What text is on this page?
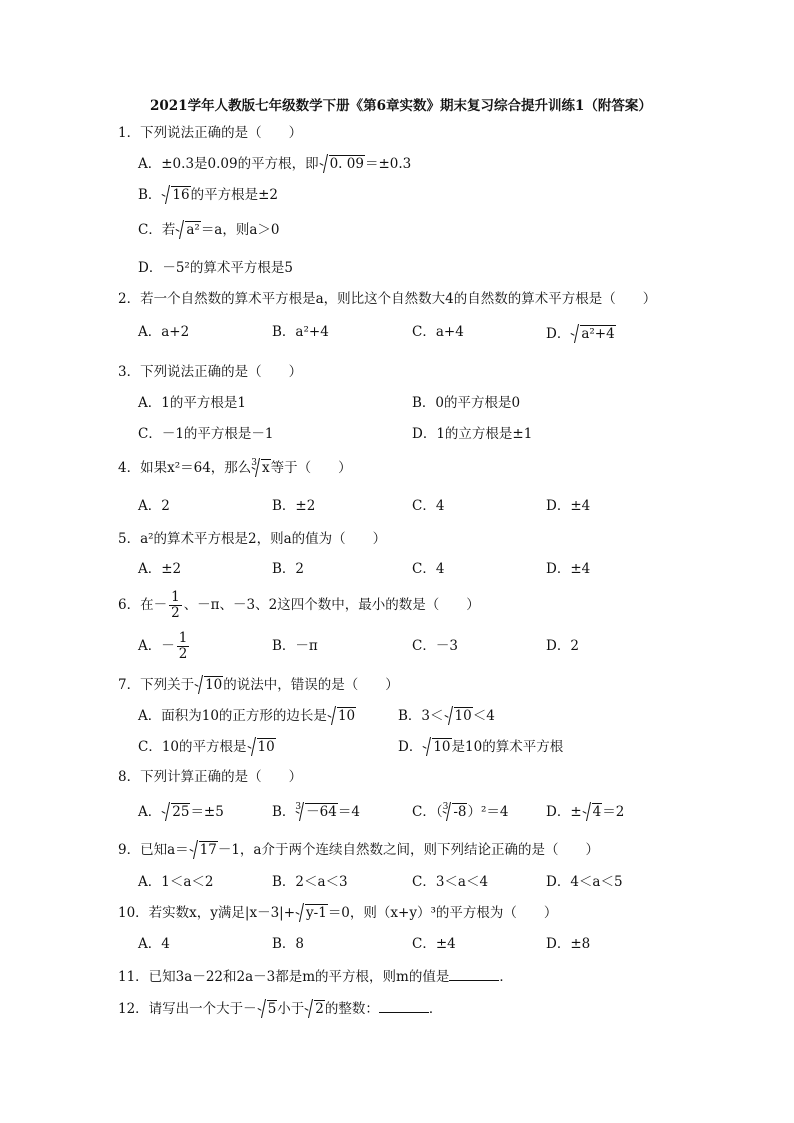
2021学年人教版七年级数学下册《第6章实数》期末复习综合提升训练1（附答案）
1．下列说法正确的是（　　）
A．±0.3是0.09的平方根，即 0. 09＝±0.3
B． 16的平方根是±2
C．若 a²＝a，则a＞0
D．－5²的算术平方根是5
2．若一个自然数的算术平方根是a，则比这个自然数大4的自然数的算术平方根是（　　）
A．a+2	B．a²+4	C．a+4	D． a²+4
3．下列说法正确的是（　　）
A．1的平方根是1	B．0的平方根是0
C．－1的平方根是－1	D．1的立方根是±1
4．如果x²＝64，那么$^3$ x等于（　　）
A．2	B．±2	C．4	D．±4
5．a²的算术平方根是2，则a的值为（　　）
A．±2	B．2	C．4	D．±4
6．在－ $\frac{1}{2}$ 、－π、－3、2这四个数中，最小的数是（　　）
A．－ $\frac{1}{2}$	B．－π	C．－3	D．2
7．下列关于 10的说法中，错误的是（　　）
A．面积为10的正方形的边长是 10	B．3＜ 10＜4
C．10的平方根是 10	D． 10是10的算术平方根
8．下列计算正确的是（　　）
A． 25＝±5	B．$^3$ －64＝4	C．（$^3$ -8）²＝4	D．± 4＝2
9．已知a＝ 17－1，a介于两个连续自然数之间，则下列结论正确的是（　　）
A．1＜a＜2	B．2＜a＜3	C．3＜a＜4	D．4＜a＜5
10．若实数x，y满足|x－3|+ y-1＝0，则（x+y）³的平方根为（　　）
A．4	B．8	C．±4	D．±8
11．已知3a－22和2a－3都是m的平方根，则m的值是	．
12．请写出一个大于－ 5小于 2的整数：	．
